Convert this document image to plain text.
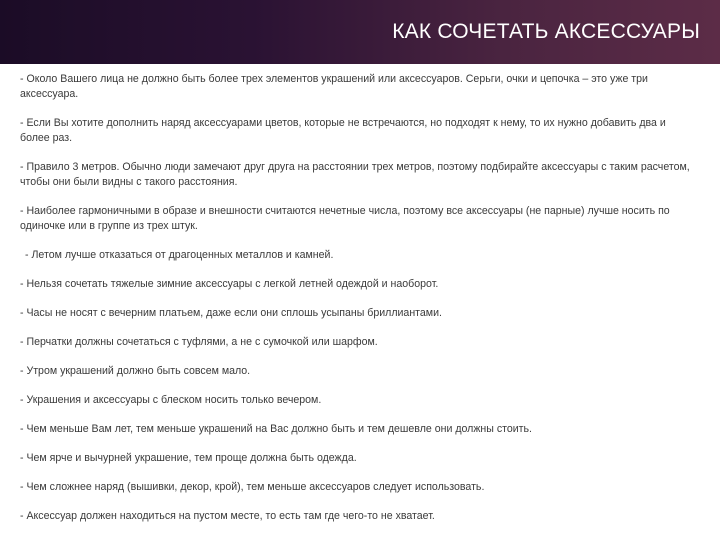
КАК СОЧЕТАТЬ АКСЕССУАРЫ

- Около Вашего лица не должно быть более трех элементов украшений или аксессуаров. Серьги, очки и цепочка – это уже три аксессуара.

- Если Вы хотите дополнить наряд аксессуарами цветов, которые не встречаются, но подходят к нему, то их нужно добавить два и более раз.

- Правило 3 метров. Обычно люди замечают друг друга на расстоянии трех метров, поэтому подбирайте аксессуары с таким расчетом, чтобы они были видны с такого расстояния.

- Наиболее гармоничными в образе и внешности считаются нечетные числа, поэтому все аксессуары (не парные) лучше носить по одиночке или в группе из трех штук.

- Летом лучше отказаться от драгоценных металлов и камней.

- Нельзя сочетать тяжелые зимние аксессуары с легкой летней одеждой и наоборот.

- Часы не носят с вечерним платьем, даже если они сплошь усыпаны бриллиантами.

- Перчатки должны сочетаться с туфлями, а не с сумочкой или шарфом.

- Утром украшений должно быть совсем мало.

- Украшения и аксессуары с блеском носить только вечером.

- Чем меньше Вам лет, тем меньше украшений на Вас должно быть и тем дешевле они должны стоить.

- Чем ярче и вычурней украшение, тем проще должна быть одежда.

- Чем сложнее наряд (вышивки, декор, крой), тем меньше аксессуаров следует использовать.

- Аксессуар должен находиться на пустом месте, то есть там где чего-то не хватает.
